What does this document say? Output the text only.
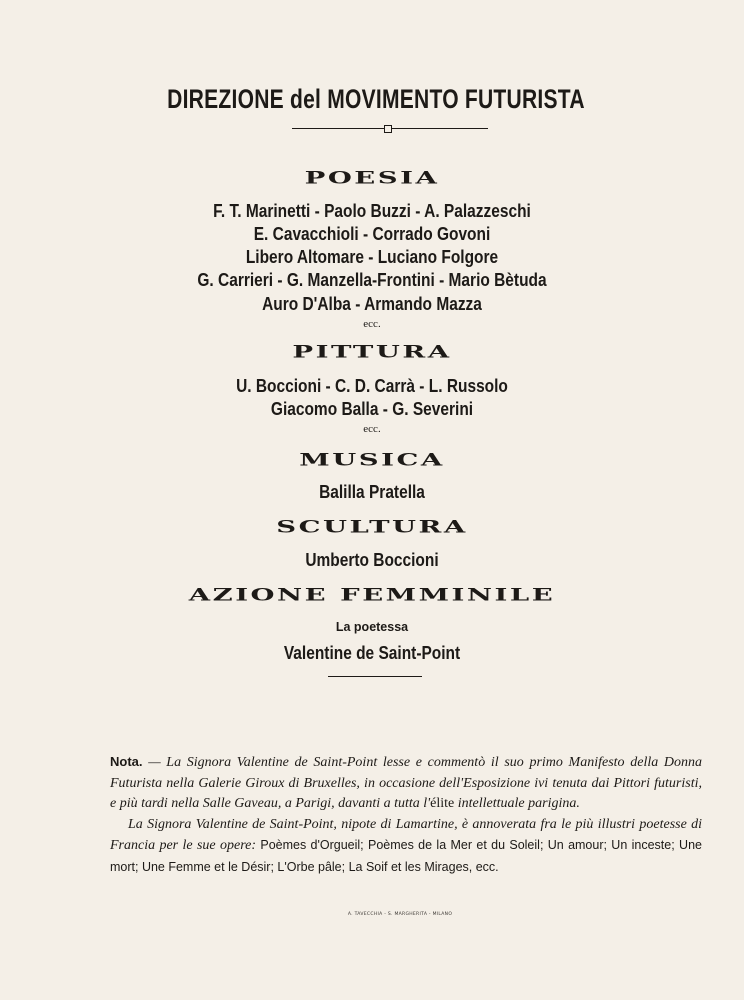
DIREZIONE del MOVIMENTO FUTURISTA
POESIA
F. T. Marinetti - Paolo Buzzi - A. Palazzeschi
E. Cavacchioli - Corrado Govoni
Libero Altomare - Luciano Folgore
G. Carrieri - G. Manzella-Frontini - Mario Bètuda
Auro D'Alba - Armando Mazza
ecc.
PITTURA
U. Boccioni - C. D. Carrà - L. Russolo
Giacomo Balla - G. Severini
ecc.
MUSICA
Balilla Pratella
SCULTURA
Umberto Boccioni
AZIONE FEMMINILE
La poetessa
Valentine de Saint-Point

Nota. — La Signora Valentine de Saint-Point lesse e commentò il suo primo Manifesto della Donna Futurista nella Galerie Giroux di Bruxelles, in occasione dell'Esposizione ivi tenuta dai Pittori futuristi, e più tardi nella Salle Gaveau, a Parigi, davanti a tutta l'élite intellettuale parigina.

La Signora Valentine de Saint-Point, nipote di Lamartine, è annoverata fra le più illustri poetesse di Francia per le sue opere: Poèmes d'Orgueil; Poèmes de la Mer et du Soleil; Un amour; Un inceste; Une mort; Une Femme et le Désir; L'Orbe pâle; La Soif et les Mirages, ecc.

A. TAVECCHIA - S. MARGHERITA - MILANO
